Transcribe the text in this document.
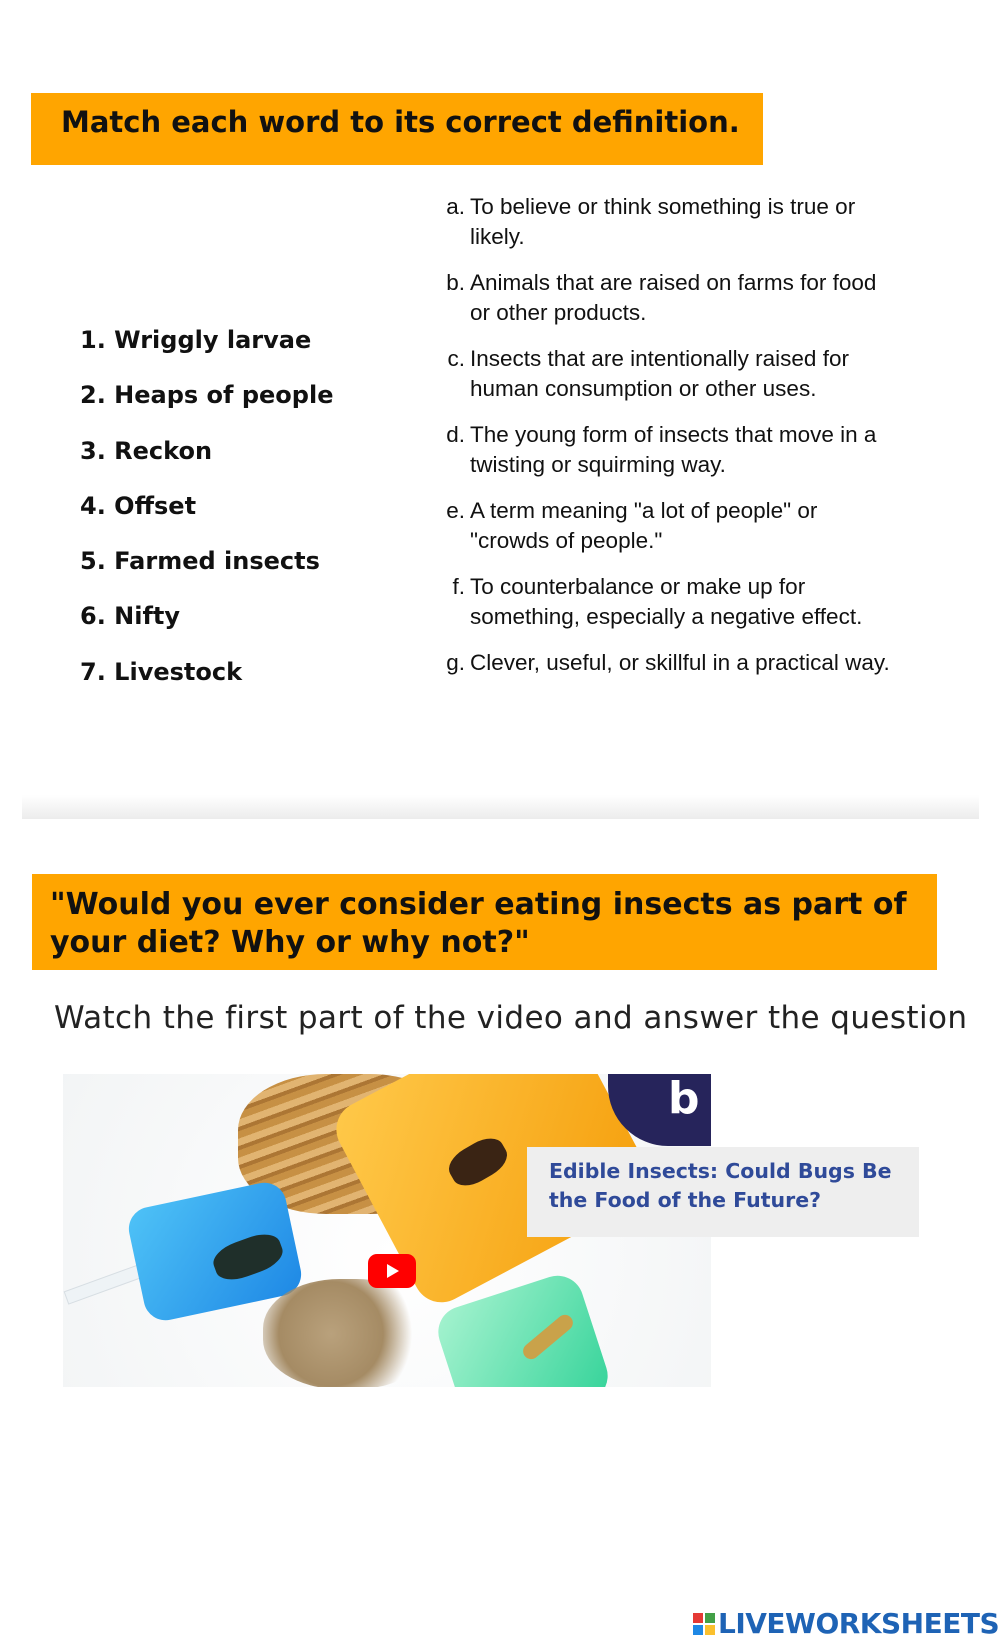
Match each word to its correct definition.
1. Wriggly larvae
2. Heaps of people
3. Reckon
4. Offset
5. Farmed insects
6. Nifty
7. Livestock
a. To believe or think something is true or likely.
b. Animals that are raised on farms for food or other products.
c. Insects that are intentionally raised for human consumption or other uses.
d. The young form of insects that move in a twisting or squirming way.
e. A term meaning "a lot of people" or "crowds of people."
f. To counterbalance or make up for something, especially a negative effect.
g. Clever, useful, or skillful in a practical way.
"Would you ever consider eating insects as part of your diet? Why or why not?"
Watch the first part of the video and answer the question
b
Edible Insects: Could Bugs Be the Food of the Future?
LIVEWORKSHEETS
